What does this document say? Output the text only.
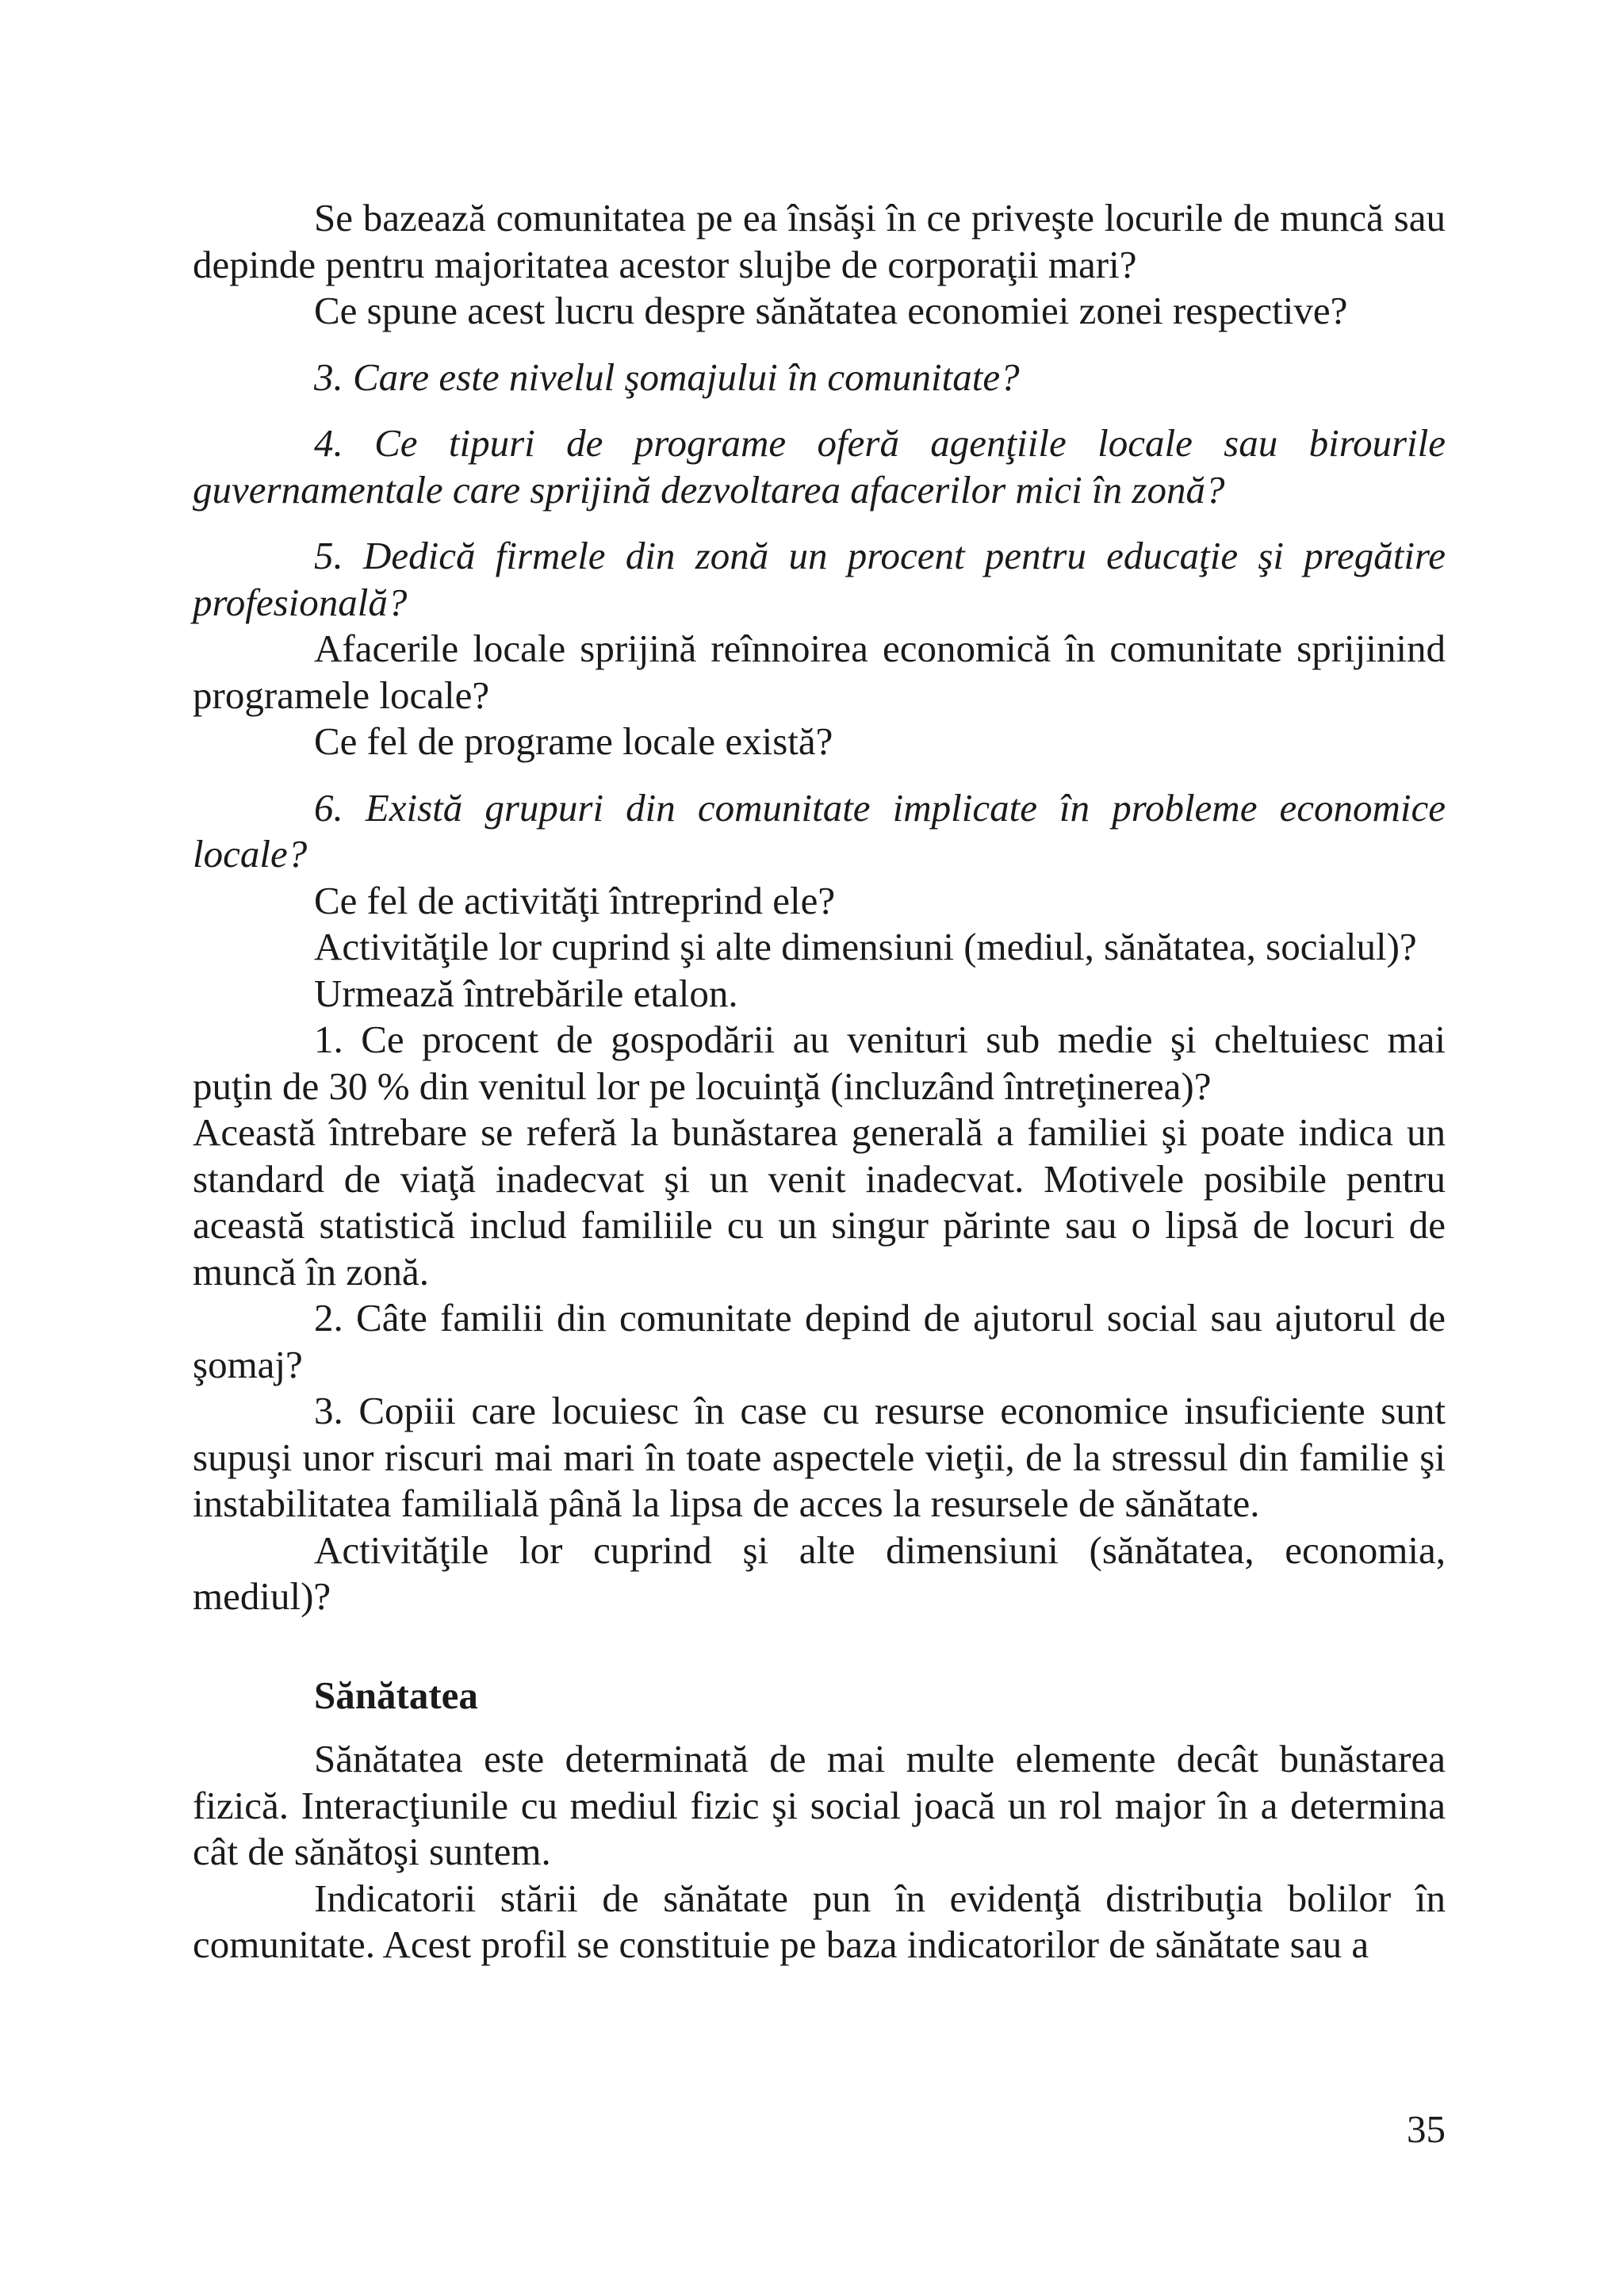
Se bazează comunitatea pe ea însăşi în ce priveşte locurile de muncă sau depinde pentru majoritatea acestor slujbe de corporaţii mari?

Ce spune acest lucru despre sănătatea economiei zonei respective?

3. Care este nivelul şomajului în comunitate?

4. Ce tipuri de programe oferă agenţiile locale sau birourile guvernamentale care sprijină dezvoltarea afacerilor mici în zonă?

5. Dedică firmele din zonă un procent pentru educaţie şi pregătire profesională?

Afacerile locale sprijină reînnoirea economică în comunitate sprijinind programele locale?

Ce fel de programe locale există?

6. Există grupuri din comunitate implicate în probleme economice locale?

Ce fel de activităţi întreprind ele?

Activităţile lor cuprind şi alte dimensiuni (mediul, sănătatea, socialul)?

Urmează întrebările etalon.

1. Ce procent de gospodării au venituri sub medie şi cheltuiesc mai puţin de 30 % din venitul lor pe locuinţă (incluzând întreţinerea)?

Această întrebare se referă la bunăstarea generală a familiei şi poate indica un standard de viaţă inadecvat şi un venit inadecvat. Motivele posibile pentru această statistică includ familiile cu un singur părinte sau o lipsă de locuri de muncă în zonă.

2. Câte familii din comunitate depind de ajutorul social sau ajutorul de şomaj?

3. Copiii care locuiesc în case cu resurse economice insuficiente sunt supuşi unor riscuri mai mari în toate aspectele vieţii, de la stressul din familie şi instabilitatea familială până la lipsa de acces la resursele de sănătate.

Activităţile lor cuprind şi alte dimensiuni (sănătatea, economia, mediul)?

Sănătatea

Sănătatea este determinată de mai multe elemente decât bunăstarea fizică. Interacţiunile cu mediul fizic şi social joacă un rol major în a determina cât de sănătoşi suntem.

Indicatorii stării de sănătate pun în evidenţă distribuţia bolilor în comunitate. Acest profil se constituie pe baza indicatorilor de sănătate sau a

35
